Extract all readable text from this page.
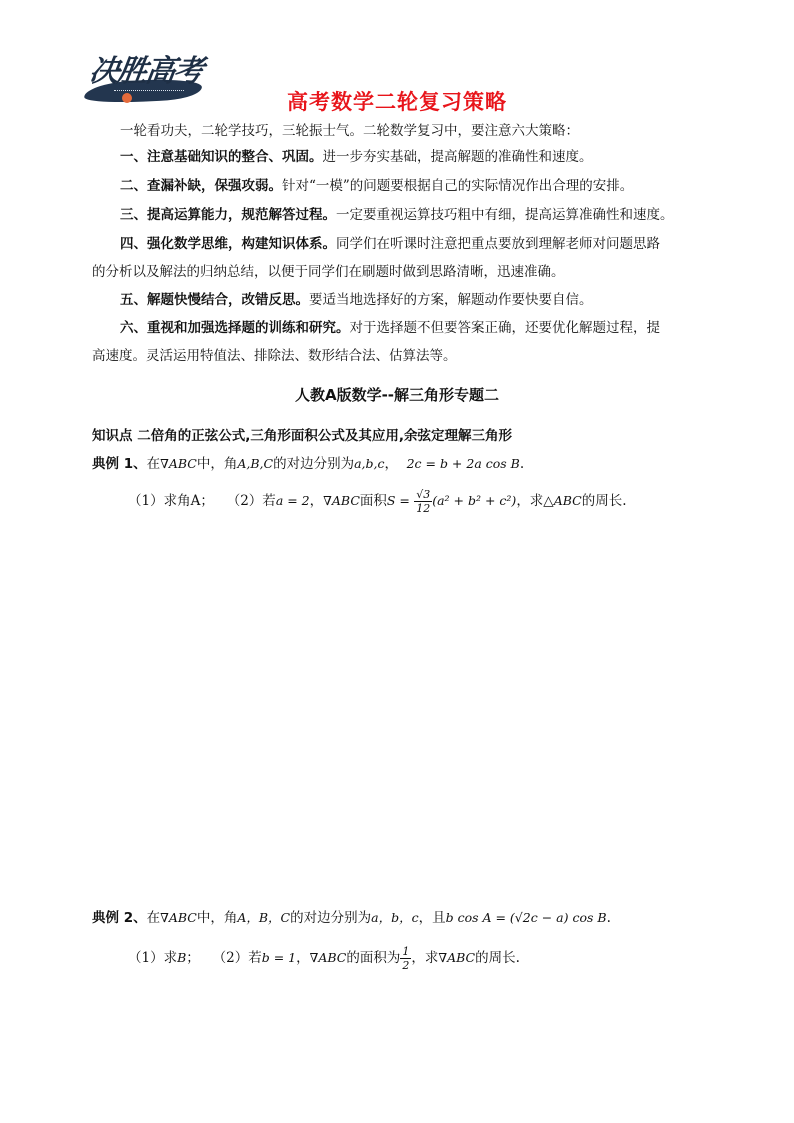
决胜高考
高考数学二轮复习策略
一轮看功夫，二轮学技巧，三轮振士气。二轮数学复习中，要注意六大策略：
一、注意基础知识的整合、巩固。进一步夯实基础，提高解题的准确性和速度。
二、查漏补缺，保强攻弱。针对“一模”的问题要根据自己的实际情况作出合理的安排。
三、提高运算能力，规范解答过程。一定要重视运算技巧粗中有细，提高运算准确性和速度。
四、强化数学思维，构建知识体系。同学们在听课时注意把重点要放到理解老师对问题思路
的分析以及解法的归纳总结，以便于同学们在刷题时做到思路清晰，迅速准确。
五、解题快慢结合，改错反思。要适当地选择好的方案，解题动作要快要自信。
六、重视和加强选择题的训练和研究。对于选择题不但要答案正确，还要优化解题过程，提
高速度。灵活运用特值法、排除法、数形结合法、估算法等。
人教A版数学--解三角形专题二
知识点 二倍角的正弦公式,三角形面积公式及其应用,余弦定理解三角形
典例 1、在∇ABC中，角A,B,C的对边分别为a,b,c， 2c = b + 2a cos B.
（1）求角A； （2）若a = 2，∇ABC面积$S = \frac{√3}{12} (a^2 + b^2 + c^2)$，求△ABC的周长.
典例 2、在∇ABC中，角A，B，C的对边分别为a，b，c，且b cos A = (√2c − a) cos B.
（1）求B； （2）若b = 1，∇ABC的面积为 $\frac{1}{2}$ ，求∇ABC的周长.
